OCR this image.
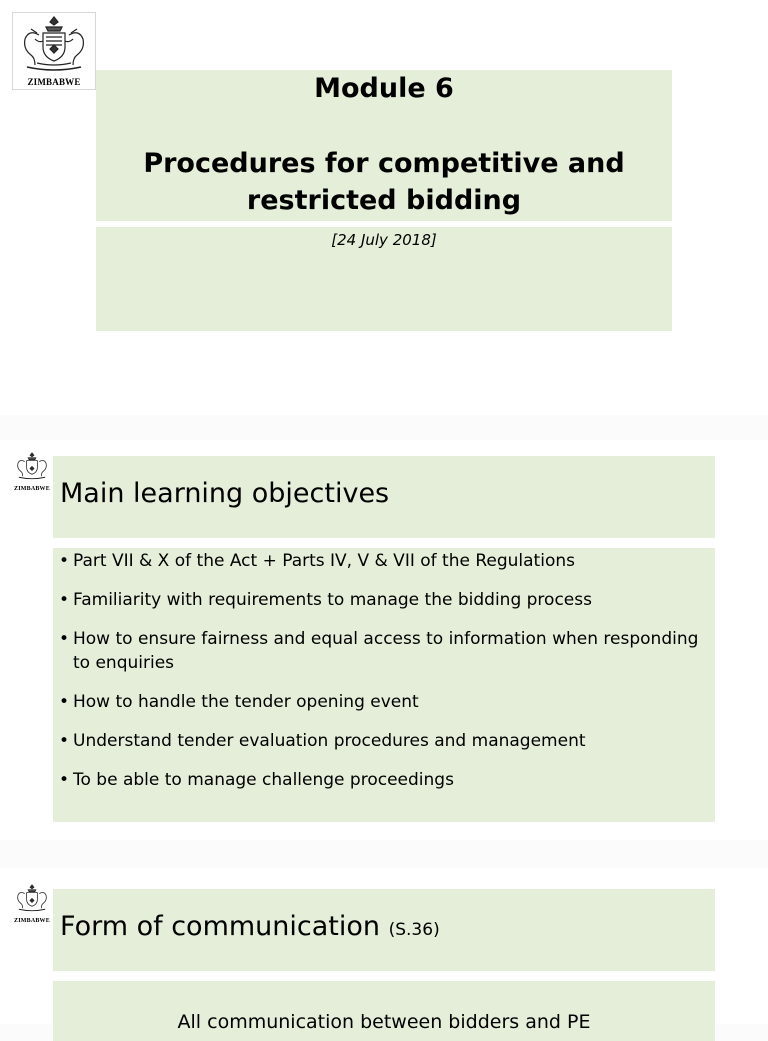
ZIMBABWE	Module 6
Procedures for competitive and restricted bidding
[24 July 2018]
ZIMBABWE Main learning objectives
• Part VII & X of the Act + Parts IV, V & VII of the Regulations
• Familiarity with requirements to manage the bidding process
• How to ensure fairness and equal access to information when responding to enquiries
• How to handle the tender opening event
• Understand tender evaluation procedures and management
• To be able to manage challenge proceedings
ZIMBABWE Form of communication (S.36)
All communication between bidders and PE
